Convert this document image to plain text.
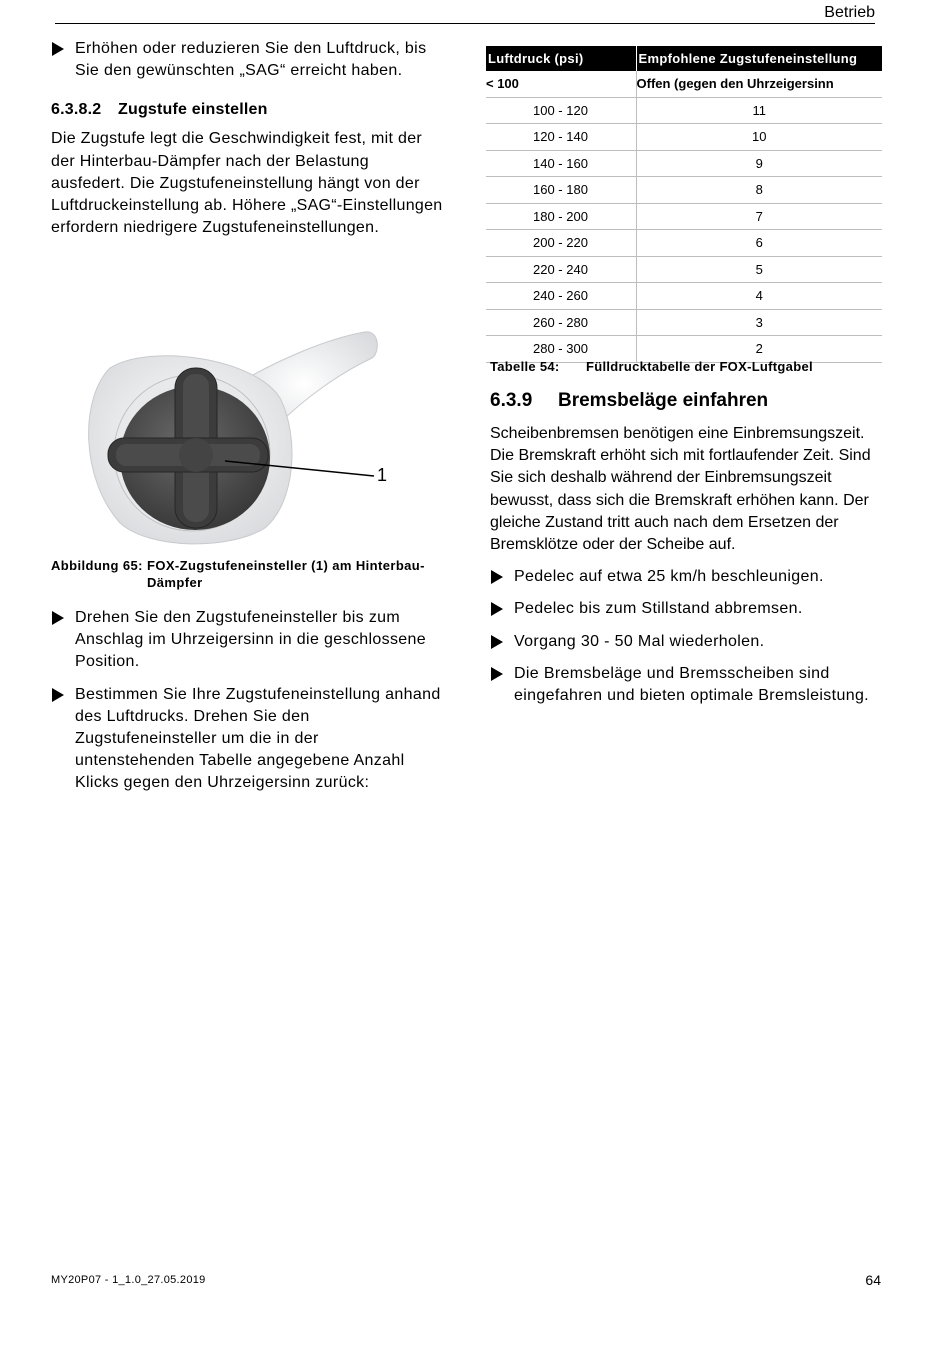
Betrieb
Erhöhen oder reduzieren Sie den Luftdruck, bis Sie den gewünschten „SAG“ erreicht haben.
6.3.8.2 Zugstufe einstellen
Die Zugstufe legt die Geschwindigkeit fest, mit der der Hinterbau-Dämpfer nach der Belastung ausfedert. Die Zugstufeneinstellung hängt von der Luftdruckeinstellung ab. Höhere „SAG“-Einstellungen erfordern niedrigere Zugstufeneinstellungen.
1
Abbildung 65: FOX-Zugstufeneinsteller (1) am Hinterbau-Dämpfer
Drehen Sie den Zugstufeneinsteller bis zum Anschlag im Uhrzeigersinn in die geschlossene Position.
Bestimmen Sie Ihre Zugstufeneinstellung anhand des Luftdrucks. Drehen Sie den Zugstufeneinsteller um die in der untenstehenden Tabelle angegebene Anzahl Klicks gegen den Uhrzeigersinn zurück:
Luftdruck (psi)	Empfohlene Zugstufeneinstellung
< 100	Offen (gegen den Uhrzeigersinn
100 - 120	11
120 - 140	10
140 - 160	9
160 - 180	8
180 - 200	7
200 - 220	6
220 - 240	5
240 - 260	4
260 - 280	3
280 - 300	2
Tabelle 54:	Fülldrucktabelle der FOX-Luftgabel
6.3.9 Bremsbeläge einfahren
Scheibenbremsen benötigen eine Einbremsungszeit. Die Bremskraft erhöht sich mit fortlaufender Zeit. Sind Sie sich deshalb während der Einbremsungszeit bewusst, dass sich die Bremskraft erhöhen kann. Der gleiche Zustand tritt auch nach dem Ersetzen der Bremsklötze oder der Scheibe auf.
Pedelec auf etwa 25 km/h beschleunigen.
Pedelec bis zum Stillstand abbremsen.
Vorgang 30 - 50 Mal wiederholen.
Die Bremsbeläge und Bremsscheiben sind eingefahren und bieten optimale Bremsleistung.
MY20P07 - 1_1.0_27.05.2019	64
